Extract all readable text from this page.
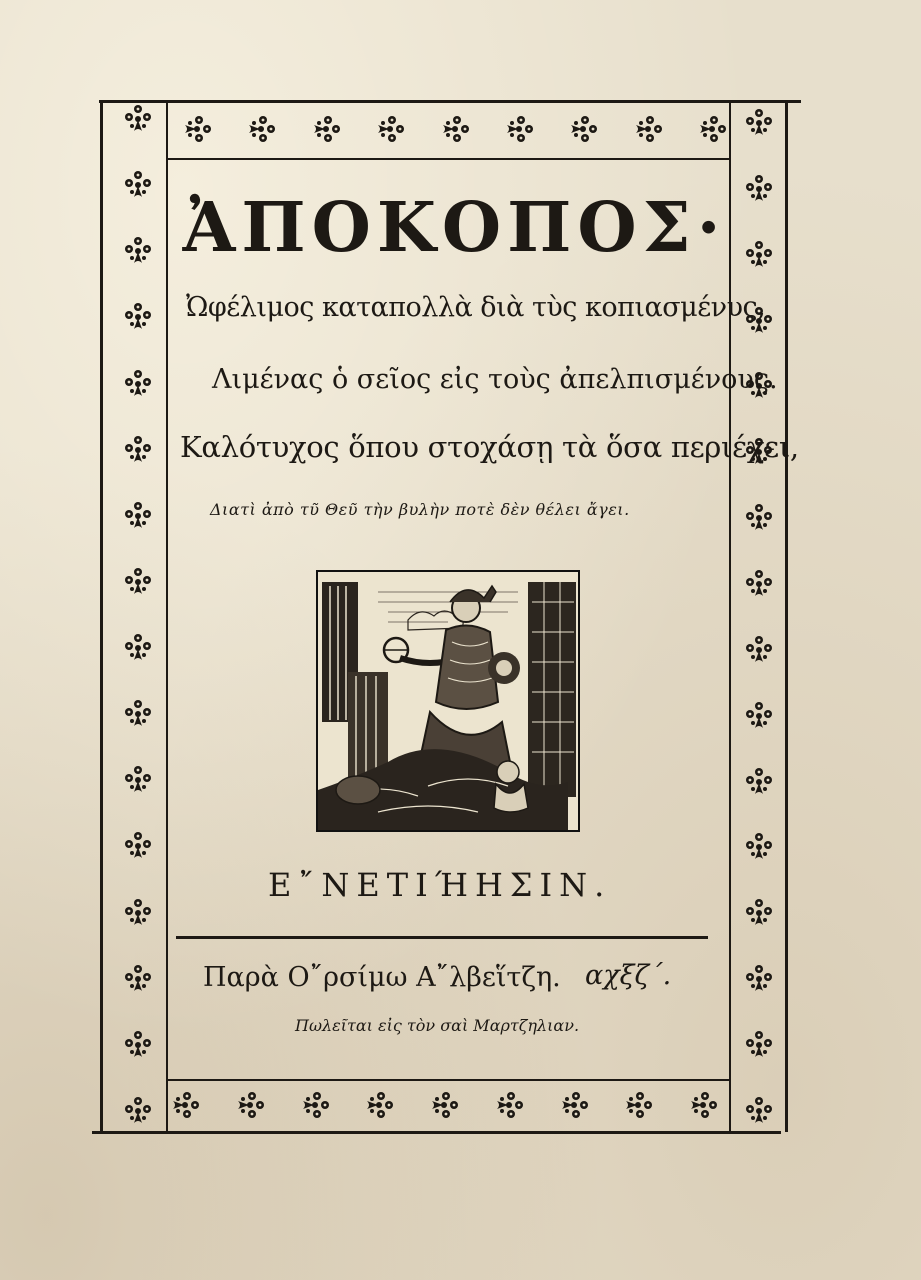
ἈΠΟΚΟΠΟΣ·
Ὠφέλιμος καταπολλὰ διὰ τὺς κοπιασμένυς,
Λιμένας ὁ σεῖος εἰς τοὺς ἀπελπισμένους.
Καλότυχος ὅπου στοχάσῃ τὰ ὅσα περιέχει,
Διατὶ ἀπὸ τῦ Θεῦ τὴν βυλὴν ποτὲ δὲν θέλει ἄγει.
Ε῎ΝΕΤΙΉΗΣΙΝ.
Παρὰ Ο῎ρσίμω Α῎λβεἵτζη. αχξζ΄.
Πωλεῖται εἰς τὸν σαὶ Μαρτζηλιαν.
